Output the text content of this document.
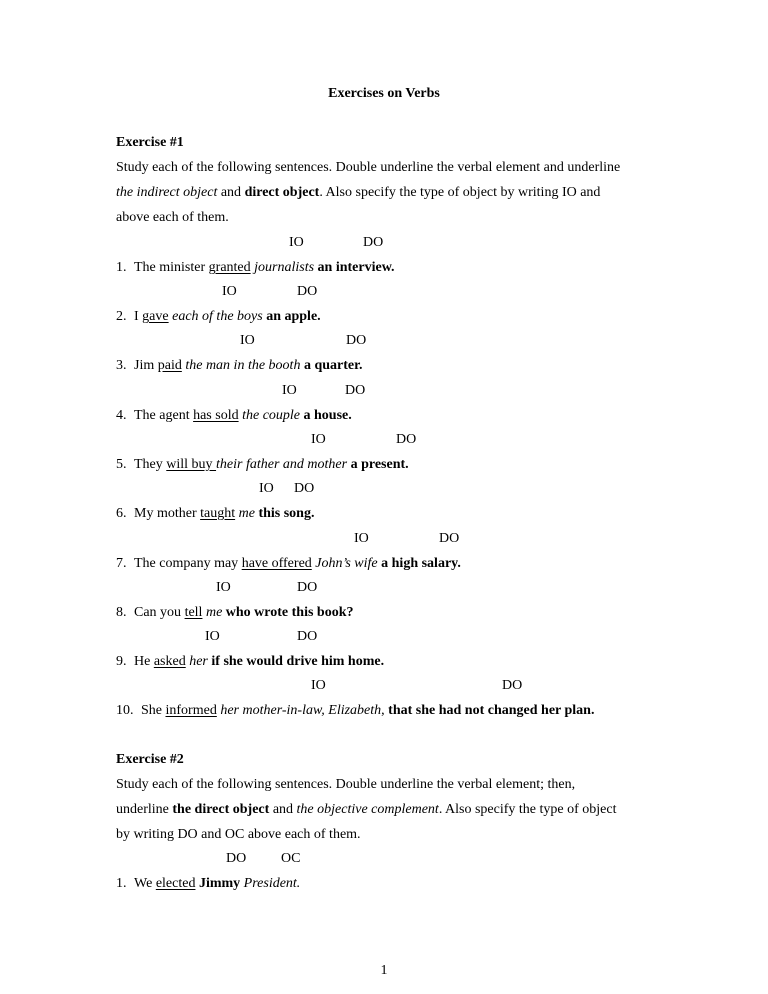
Exercises on Verbs
Exercise #1
Study each of the following sentences. Double underline the verbal element and underline
the indirect object and direct object. Also specify the type of object by writing IO and
above each of them.
IO	DO
1. The minister granted journalists an interview.
IO	DO
2. I gave each of the boys an apple.
IO	DO
3. Jim paid the man in the booth a quarter.
IO	DO
4. The agent has sold the couple a house.
IO	DO
5. They will buy their father and mother a present.
IO DO
6. My mother taught me this song.
IO	DO
7. The company may have offered John’s wife a high salary.
IO	DO
8. Can you tell me who wrote this book?
IO	DO
9. He asked her if she would drive him home.
IO	DO
10. She informed her mother-in-law, Elizabeth, that she had not changed her plan.
Exercise #2
Study each of the following sentences. Double underline the verbal element; then,
underline the direct object and the objective complement. Also specify the type of object
by writing DO and OC above each of them.
DO OC
1. We elected Jimmy President.
1
